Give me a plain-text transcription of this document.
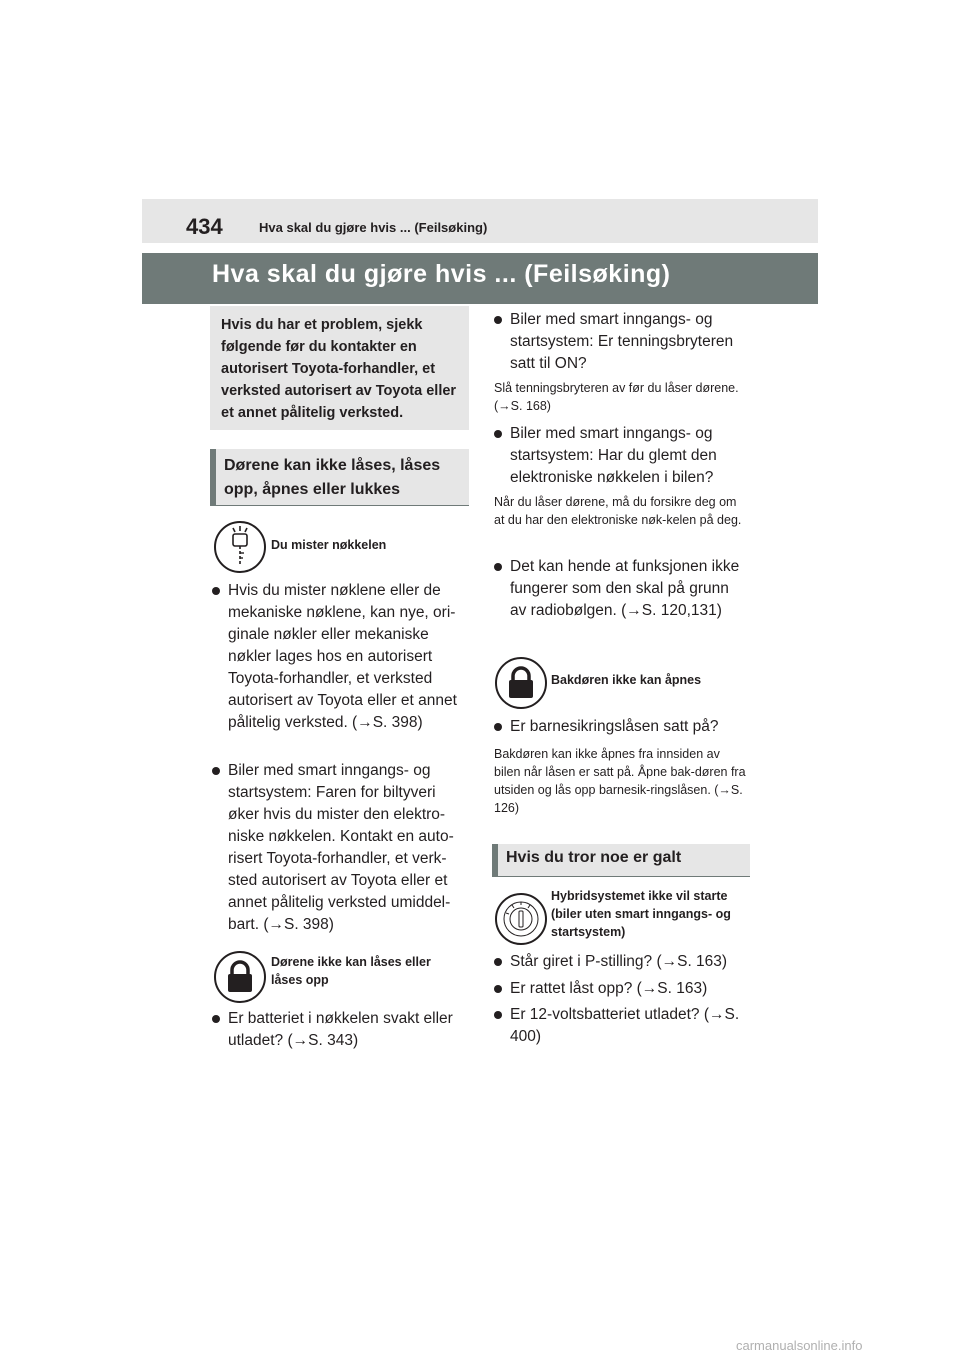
434	Hva skal du gjøre hvis ... (Feilsøking)
Hva skal du gjøre hvis ... (Feilsøking)
Hvis du har et problem, sjekk følgende før du kontakter en autorisert Toyota-forhandler, et verksted autorisert av Toyota eller et annet pålitelig verksted.
Dørene kan ikke låses, låses opp, åpnes eller lukkes
Du mister nøkkelen
Hvis du mister nøklene eller de mekaniske nøklene, kan nye, ori-ginale nøkler eller mekaniske nøkler lages hos en autorisert Toyota-forhandler, et verksted autorisert av Toyota eller et annet pålitelig verksted. (→S. 398)
Biler med smart inngangs- og startsystem: Faren for biltyveri øker hvis du mister den elektro-niske nøkkelen. Kontakt en auto-risert Toyota-forhandler, et verk-sted autorisert av Toyota eller et annet pålitelig verksted umiddel-bart. (→S. 398)
Dørene ikke kan låses eller låses opp
Er batteriet i nøkkelen svakt eller utladet? (→S. 343)
Biler med smart inngangs- og startsystem: Er tenningsbryteren satt til ON?
Slå tenningsbryteren av før du låser dørene. (→S. 168)
Biler med smart inngangs- og startsystem: Har du glemt den elektroniske nøkkelen i bilen?
Når du låser dørene, må du forsikre deg om at du har den elektroniske nøk-kelen på deg.
Det kan hende at funksjonen ikke fungerer som den skal på grunn av radiobølgen. (→S. 120,131)
Bakdøren ikke kan åpnes
Er barnesikringslåsen satt på?
Bakdøren kan ikke åpnes fra innsiden av bilen når låsen er satt på. Åpne bak-døren fra utsiden og lås opp barnesik-ringslåsen. (→S. 126)
Hvis du tror noe er galt
Hybridsystemet ikke vil starte (biler uten smart inngangs- og startsystem)
Står giret i P-stilling? (→S. 163)
Er rattet låst opp? (→S. 163)
Er 12-voltsbatteriet utladet? (→S. 400)
carmanualsonline.info
